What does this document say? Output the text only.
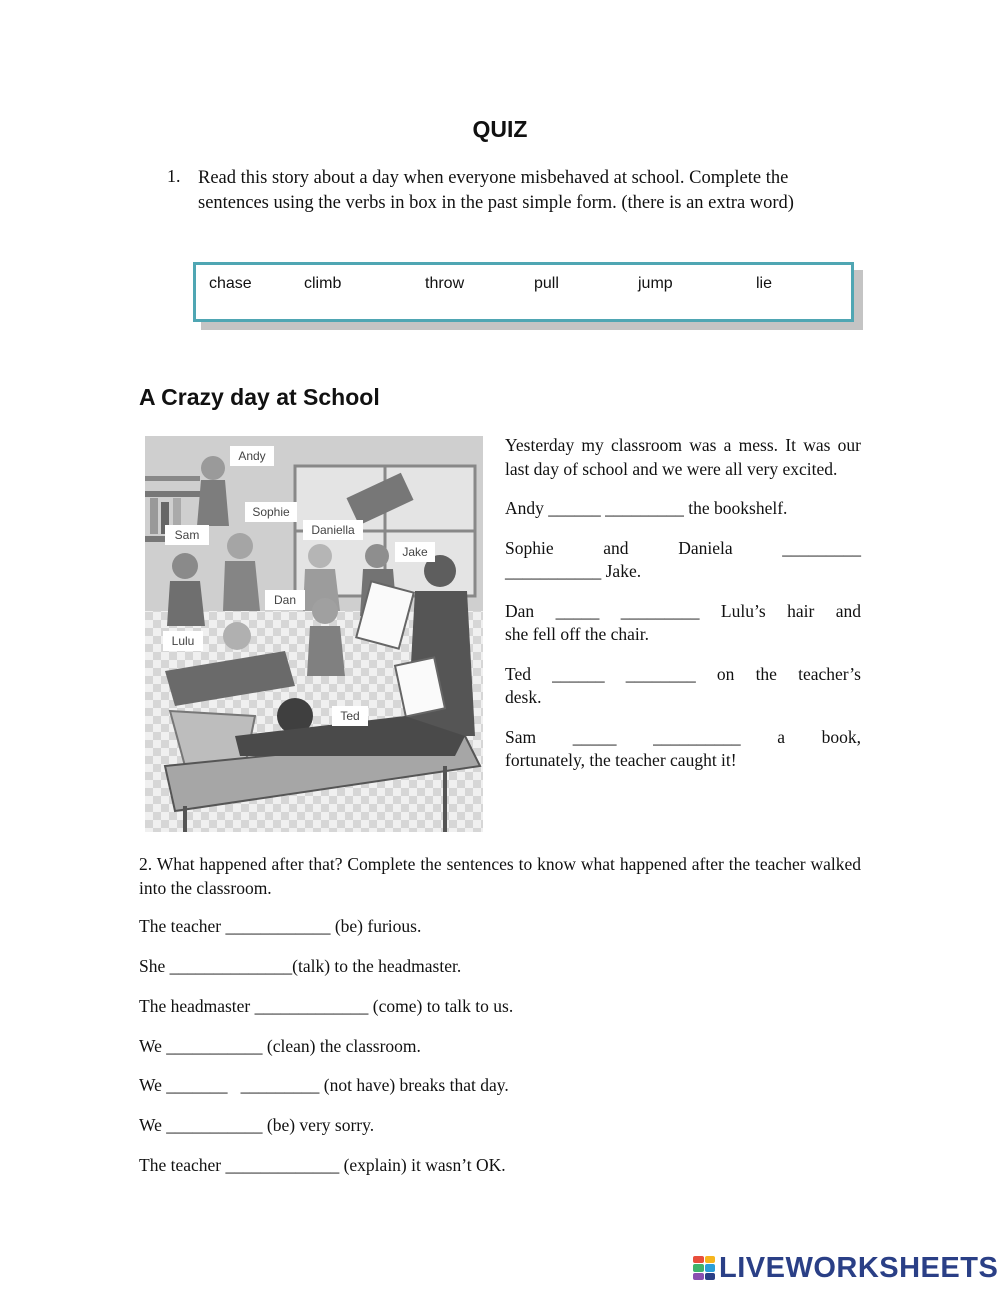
QUIZ
1. Read this story about a day when everyone misbehaved at school. Complete the sentences using the verbs in box in the past simple form. (there is an extra word)
chase	climb	throw	pull	jump	lie
A Crazy day at School
Andy
Sophie
Sam	Daniella
Jake
Dan
Lulu
Ted

Yesterday my classroom was a mess. It was our last day of school and we were all very excited.

Andy ______ _________ the bookshelf.

Sophie	and	Daniela	_________
___________ Jake.
Dan _____ _________ Lulu’s hair and
she fell off the chair.
Ted ______ ________ on the teacher’s
desk.
Sam _____ __________ a book,
fortunately, the teacher caught it!
2. What happened after that? Complete the sentences to know what happened after the teacher walked into the classroom.
The teacher ____________ (be) furious.
She ______________(talk) to the headmaster.
The headmaster _____________ (come) to talk to us.
We ___________ (clean) the classroom.
We _______   _________ (not have) breaks that day.
We ___________ (be) very sorry.
The teacher _____________ (explain) it wasn’t OK.
LIVEWORKSHEETS
